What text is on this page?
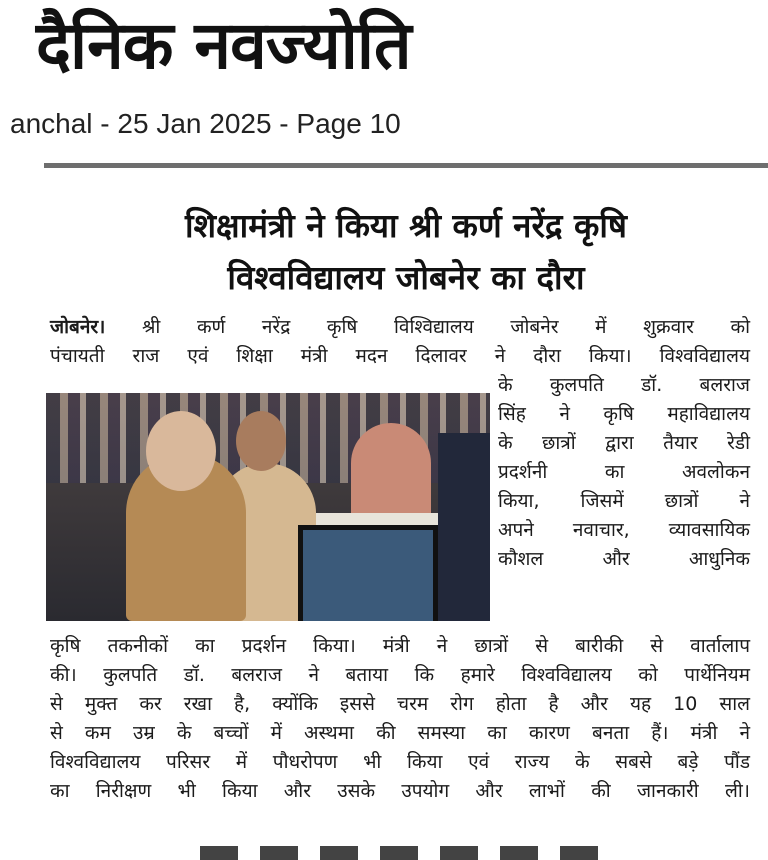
दैनिक नवज्योति
anchal - 25 Jan 2025 - Page 10
शिक्षामंत्री ने किया श्री कर्ण नरेंद्र कृषि
विश्वविद्यालय जोबनेर का दौरा
जोबनेर। श्री कर्ण नरेंद्र कृषि विश्विद्यालय जोबनेर में शुक्रवार को
पंचायती राज एवं शिक्षा मंत्री मदन दिलावर ने दौरा किया। विश्वविद्यालय
के कुलपति डॉ. बलराज
सिंह ने कृषि महाविद्यालय
के छात्रों द्वारा तैयार रेडी
प्रदर्शनी का अवलोकन
किया, जिसमें छात्रों ने
अपने नवाचार, व्यावसायिक
कौशल और आधुनिक
कृषि तकनीकों का प्रदर्शन किया। मंत्री ने छात्रों से बारीकी से वार्तालाप
की। कुलपति डॉ. बलराज ने बताया कि हमारे विश्वविद्यालय को पार्थेनियम
से मुक्त कर रखा है, क्योंकि इससे चरम रोग होता है और यह 10 साल
से कम उम्र के बच्चों में अस्थमा की समस्या का कारण बनता हैं। मंत्री ने
विश्वविद्यालय परिसर में पौधरोपण भी किया एवं राज्य के सबसे बड़े पौंड
का निरीक्षण भी किया और उसके उपयोग और लाभों की जानकारी ली।
